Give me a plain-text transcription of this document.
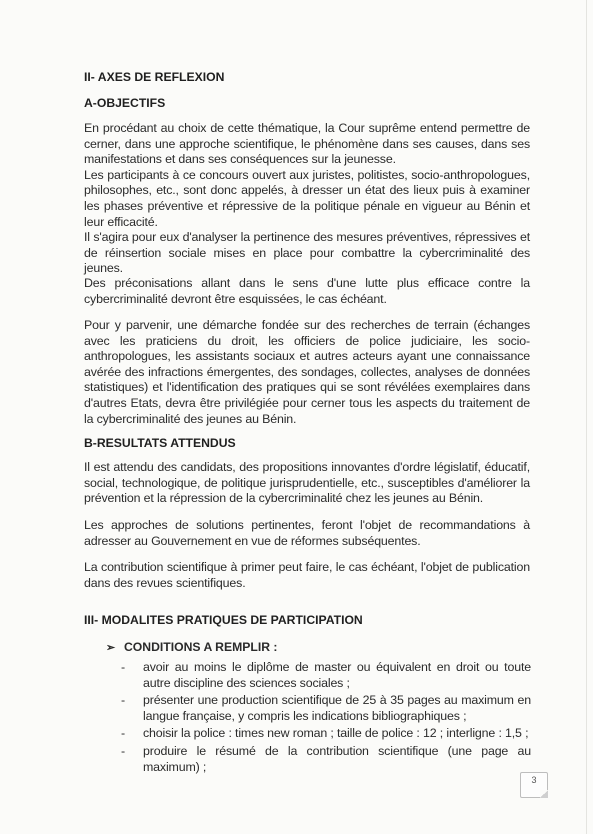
II- AXES DE REFLEXION
A-OBJECTIFS

En procédant au choix de cette thématique, la Cour suprême entend permettre de cerner, dans une approche scientifique, le phénomène dans ses causes, dans ses manifestations et dans ses conséquences sur la jeunesse.

Les participants à ce concours ouvert aux juristes, politistes, socio-anthropologues, philosophes, etc., sont donc appelés, à dresser un état des lieux puis à examiner les phases préventive et répressive de la politique pénale en vigueur au Bénin et leur efficacité.

Il s'agira pour eux d'analyser la pertinence des mesures préventives, répressives et de réinsertion sociale mises en place pour combattre la cybercriminalité des jeunes.

Des préconisations allant dans le sens d'une lutte plus efficace contre la cybercriminalité devront être esquissées, le cas échéant.

Pour y parvenir, une démarche fondée sur des recherches de terrain (échanges avec les praticiens du droit, les officiers de police judiciaire, les socio-anthropologues, les assistants sociaux et autres acteurs ayant une connaissance avérée des infractions émergentes, des sondages, collectes, analyses de données statistiques) et l'identification des pratiques qui se sont révélées exemplaires dans d'autres Etats, devra être privilégiée pour cerner tous les aspects du traitement de la cybercriminalité des jeunes au Bénin.

B-RESULTATS ATTENDUS

Il est attendu des candidats, des propositions innovantes d'ordre législatif, éducatif, social, technologique, de politique jurisprudentielle, etc., susceptibles d'améliorer la prévention et la répression de la cybercriminalité chez les jeunes au Bénin.

Les approches de solutions pertinentes, feront l'objet de recommandations à adresser au Gouvernement en vue de réformes subséquentes.

La contribution scientifique à primer peut faire, le cas échéant, l'objet de publication dans des revues scientifiques.

III- MODALITES PRATIQUES DE PARTICIPATION
➢ CONDITIONS A REMPLIR :
- avoir au moins le diplôme de master ou équivalent en droit ou toute autre discipline des sciences sociales ;
- présenter une production scientifique de 25 à 35 pages au maximum en langue française, y compris les indications bibliographiques ;
- choisir la police : times new roman ; taille de police : 12 ; interligne : 1,5 ;
- produire le résumé de la contribution scientifique (une page au maximum) ;
3
